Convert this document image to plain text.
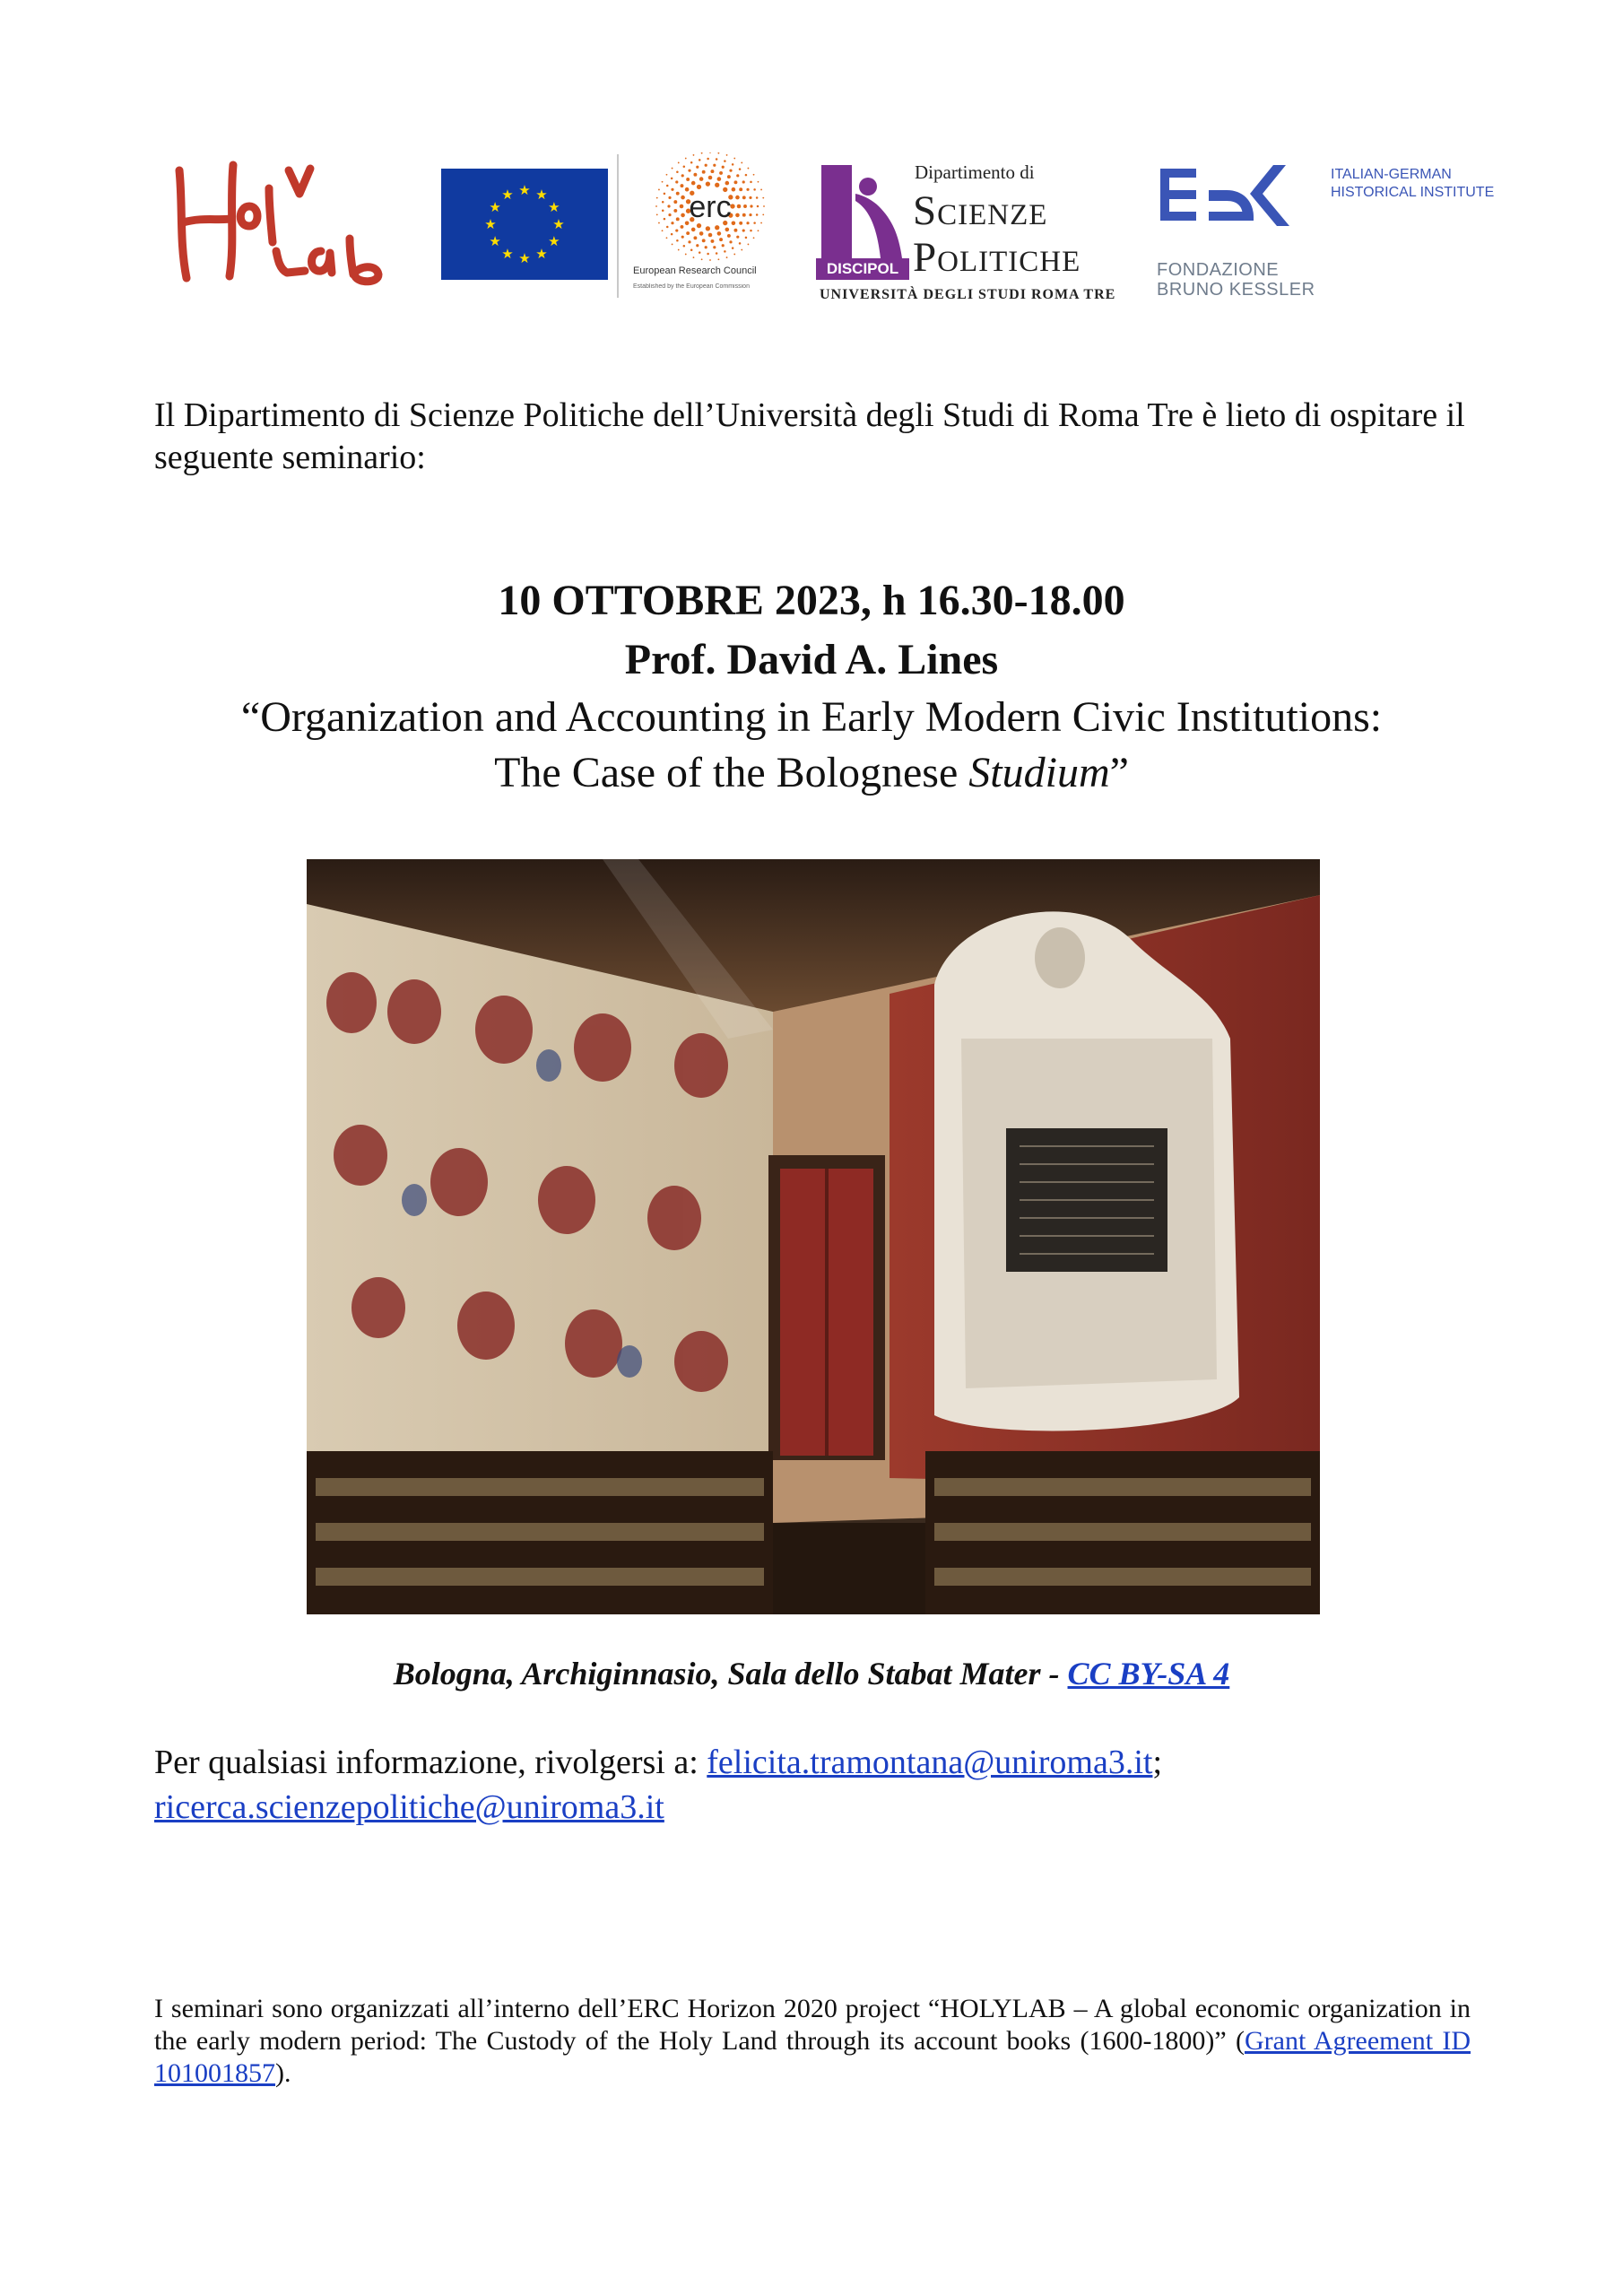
★
★
★
★
★
★
★
★
★ ★ ★
★	erc
European Research Council
Established by the European Commission
DISCIPOL
Dipartimento di
Scienze
Politiche
UNIVERSITÀ DEGLI STUDI ROMA TRE
ITALIAN-GERMAN
HISTORICAL INSTITUTE
FONDAZIONE
BRUNO KESSLER

Il Dipartimento di Scienze Politiche dell’Università degli Studi di Roma Tre è lieto di ospitare il seguente seminario:

10 OTTOBRE 2023, h 16.30-18.00

Prof. David A. Lines

“Organization and Accounting in Early Modern Civic Institutions:

The Case of the Bolognese Studium”

Bologna, Archiginnasio, Sala dello Stabat Mater - CC BY-SA 4

Per qualsiasi informazione, rivolgersi a: felicita.tramontana@uniroma3.it;
ricerca.scienzepolitiche@uniroma3.it

I seminari sono organizzati all’interno dell’ERC Horizon 2020 project “HOLYLAB – A global economic organization in the early modern period: The Custody of the Holy Land through its account books (1600-1800)” (Grant Agreement ID 101001857).
